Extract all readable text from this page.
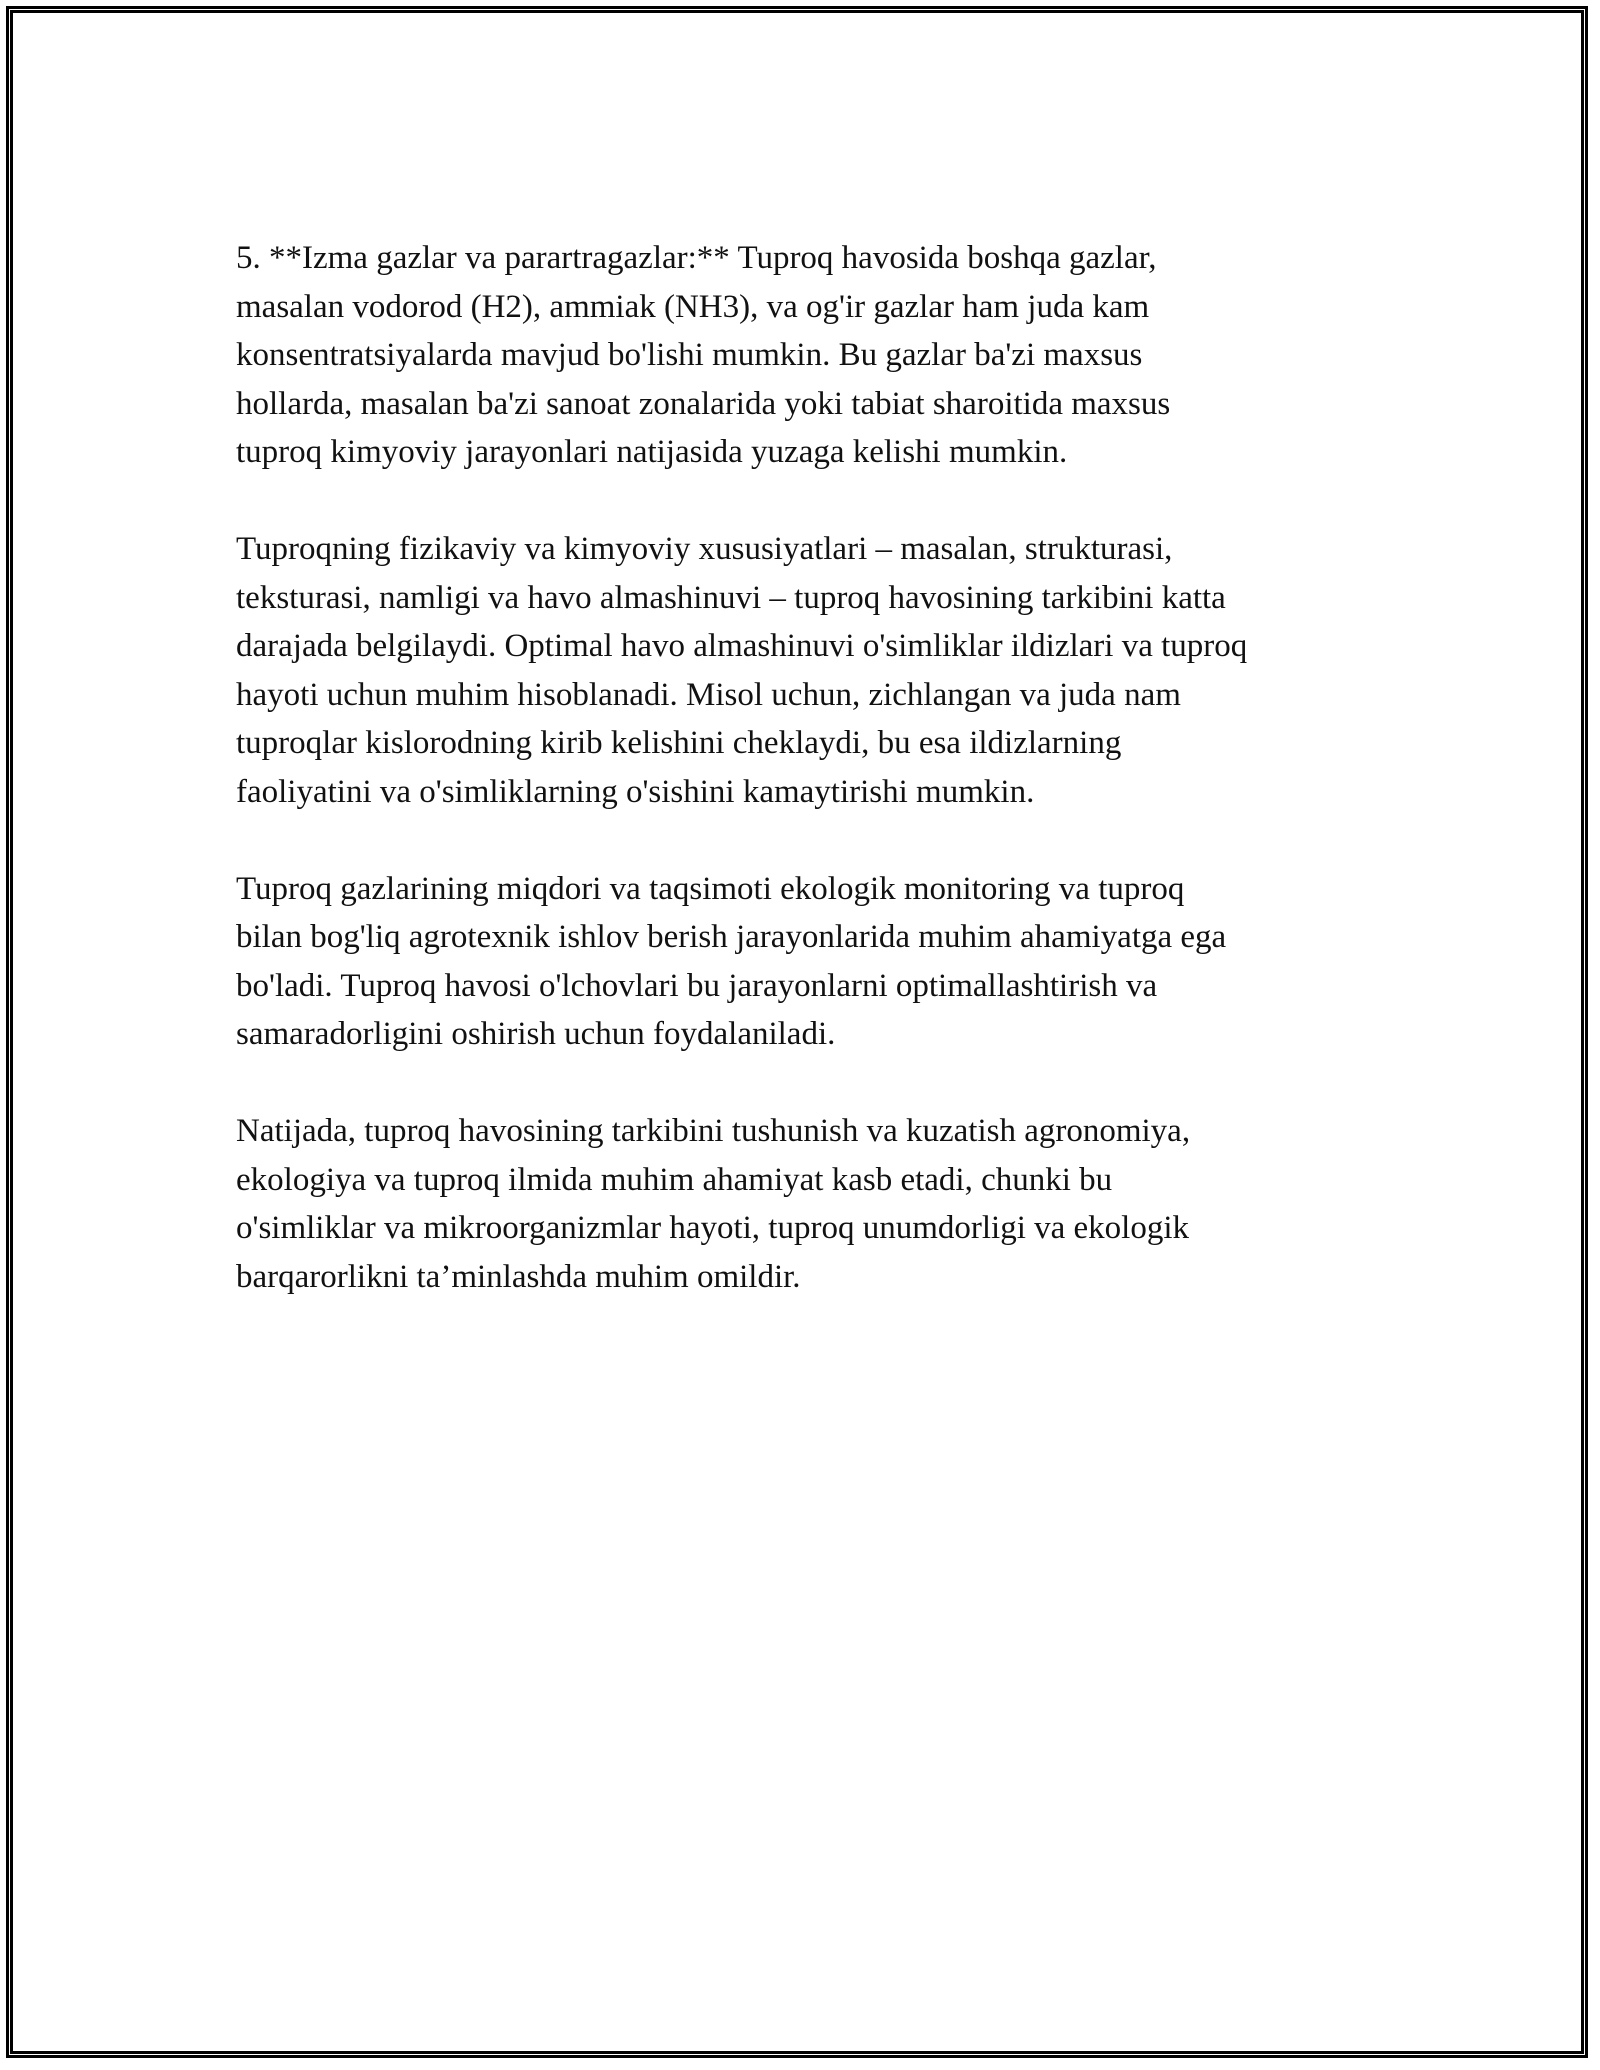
5. **Izma gazlar va parartragazlar:** Tuproq havosida boshqa gazlar,
masalan vodorod (H2), ammiak (NH3), va og'ir gazlar ham juda kam
konsentratsiyalarda mavjud bo'lishi mumkin. Bu gazlar ba'zi maxsus
hollarda, masalan ba'zi sanoat zonalarida yoki tabiat sharoitida maxsus
tuproq kimyoviy jarayonlari natijasida yuzaga kelishi mumkin.

Tuproqning fizikaviy va kimyoviy xususiyatlari – masalan, strukturasi,
teksturasi, namligi va havo almashinuvi – tuproq havosining tarkibini katta
darajada belgilaydi. Optimal havo almashinuvi o'simliklar ildizlari va tuproq
hayoti uchun muhim hisoblanadi. Misol uchun, zichlangan va juda nam
tuproqlar kislorodning kirib kelishini cheklaydi, bu esa ildizlarning
faoliyatini va o'simliklarning o'sishini kamaytirishi mumkin.

Tuproq gazlarining miqdori va taqsimoti ekologik monitoring va tuproq
bilan bog'liq agrotexnik ishlov berish jarayonlarida muhim ahamiyatga ega
bo'ladi. Tuproq havosi o'lchovlari bu jarayonlarni optimallashtirish va
samaradorligini oshirish uchun foydalaniladi.

Natijada, tuproq havosining tarkibini tushunish va kuzatish agronomiya,
ekologiya va tuproq ilmida muhim ahamiyat kasb etadi, chunki bu
o'simliklar va mikroorganizmlar hayoti, tuproq unumdorligi va ekologik
barqarorlikni ta’minlashda muhim omildir.
